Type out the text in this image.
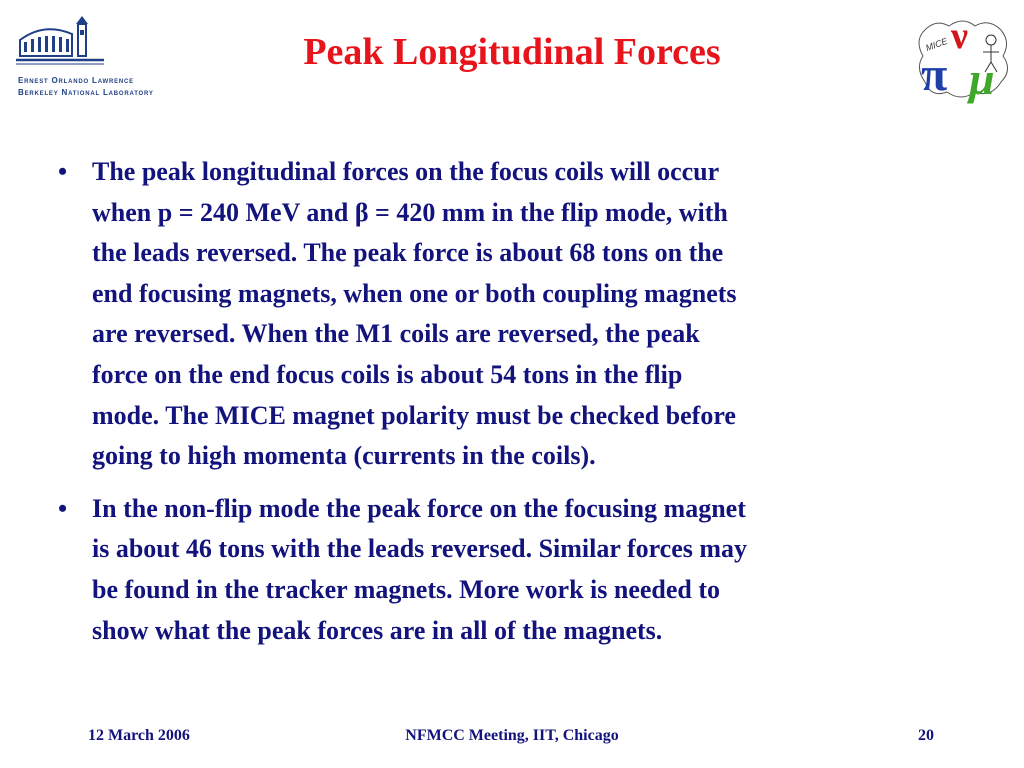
Ernest Orlando Lawrence
Berkeley National Laboratory
Peak Longitudinal Forces	ν
π μ
MICE
• The peak longitudinal forces on the focus coils will occur
when p = 240 MeV and β = 420 mm in the flip mode, with
the leads reversed. The peak force is about 68 tons on the
end focusing magnets, when one or both coupling magnets
are reversed. When the M1 coils are reversed, the peak
force on the end focus coils is about 54 tons in the flip
mode. The MICE magnet polarity must be checked before
going to high momenta (currents in the coils).
• In the non-flip mode the peak force on the focusing magnet
is about 46 tons with the leads reversed. Similar forces may
be found in the tracker magnets. More work is needed to
show what the peak forces are in all of the magnets.
12 March 2006	NFMCC Meeting, IIT, Chicago	20
